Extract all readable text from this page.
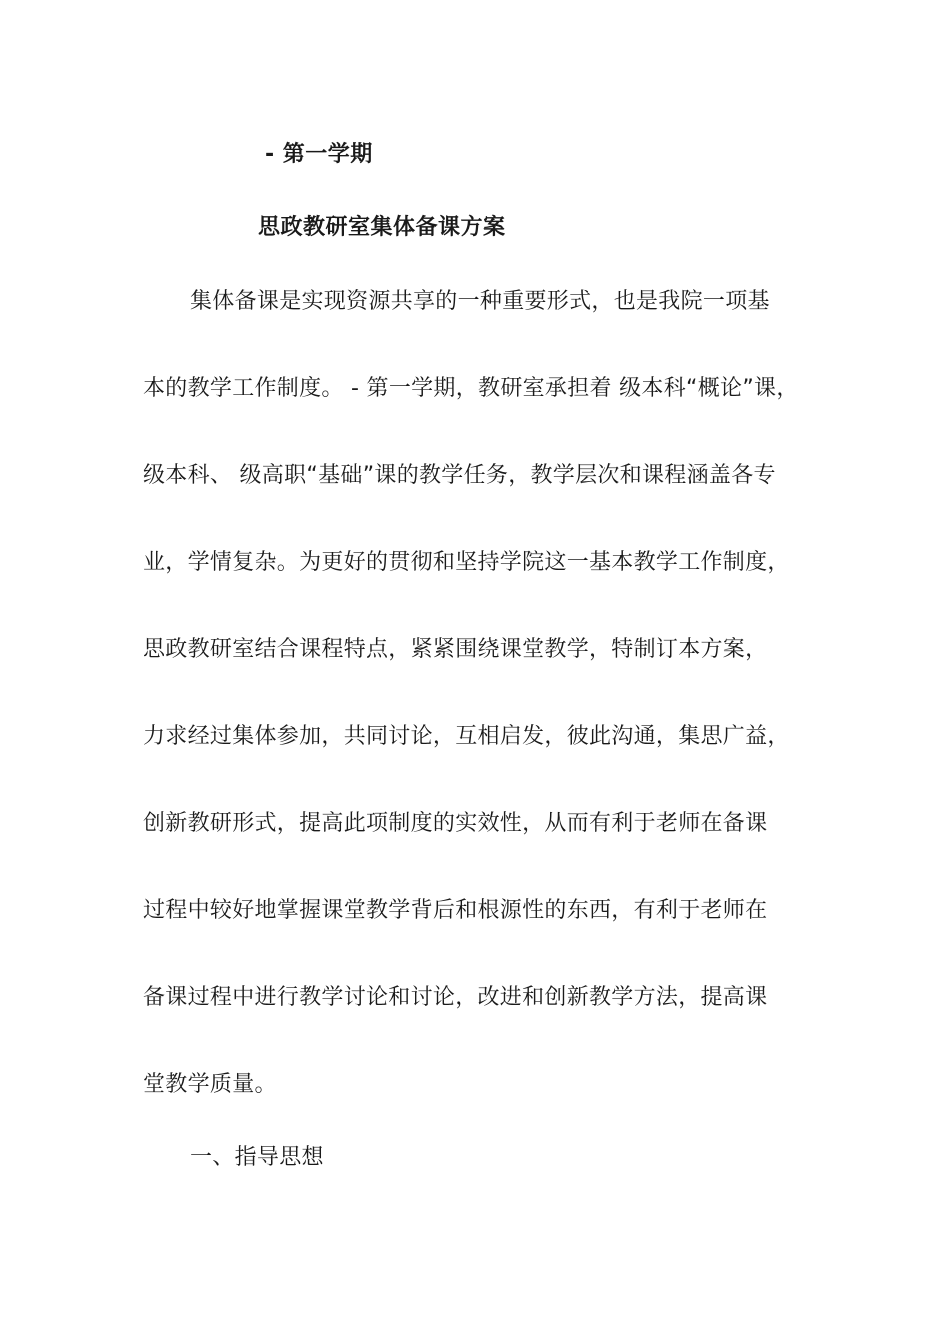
- 第一学期
思政教研室集体备课方案
集体备课是实现资源共享的一种重要形式，也是我院一项基
本的教学工作制度。 - 第一学期，教研室承担着 级本科“概论”课，
级本科、 级高职“基础”课的教学任务，教学层次和课程涵盖各专
业，学情复杂。为更好的贯彻和坚持学院这一基本教学工作制度，
思政教研室结合课程特点，紧紧围绕课堂教学，特制订本方案，
力求经过集体参加，共同讨论，互相启发，彼此沟通，集思广益，
创新教研形式，提高此项制度的实效性，从而有利于老师在备课
过程中较好地掌握课堂教学背后和根源性的东西，有利于老师在
备课过程中进行教学讨论和讨论，改进和创新教学方法，提高课
堂教学质量。
一、指导思想
